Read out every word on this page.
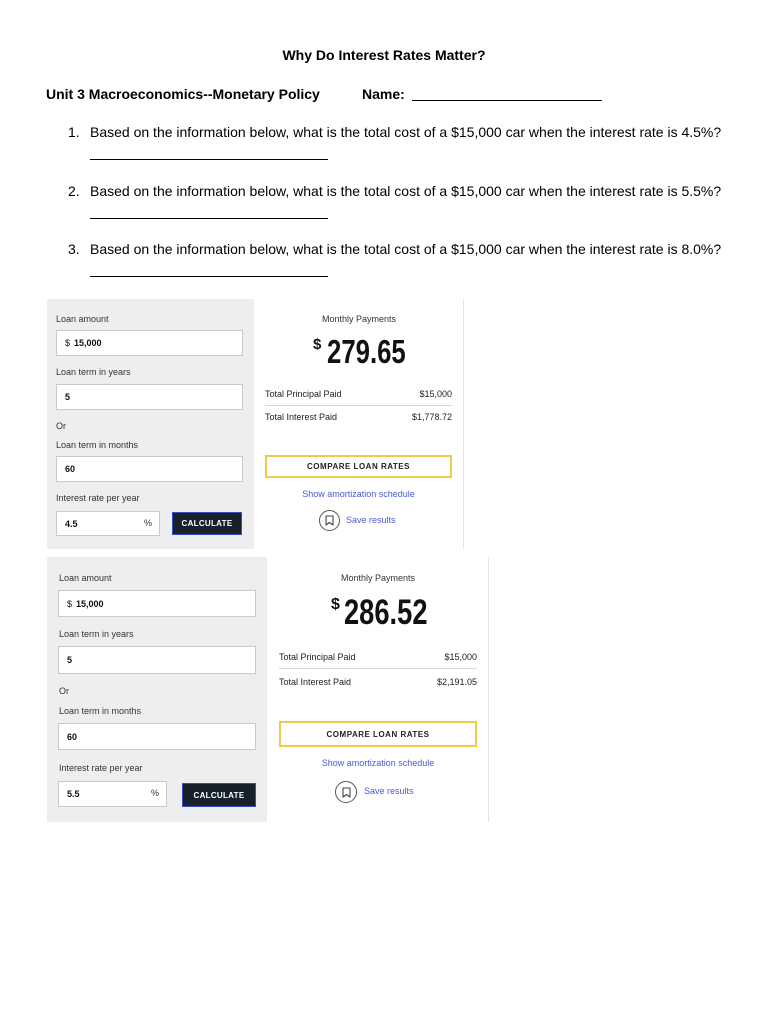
Why Do Interest Rates Matter?
Unit 3 Macroeconomics--Monetary Policy	Name:
1. Based on the information below, what is the total cost of a $15,000 car when the interest rate is 4.5%?
2. Based on the information below, what is the total cost of a $15,000 car when the interest rate is 5.5%?
3. Based on the information below, what is the total cost of a $15,000 car when the interest rate is 8.0%?
Loan amount
$ 15,000
Loan term in years
5
Or
Loan term in months
60
Interest rate per year
4.5	%	CALCULATE
Monthly Payments
$ 279.65
Total Principal Paid	$15,000
Total Interest Paid	$1,778.72
COMPARE LOAN RATES
Show amortization schedule
Save results
Loan amount
$ 15,000
Loan term in years
5
Or
Loan term in months
60
Interest rate per year
5.5	%	CALCULATE
Monthly Payments
$ 286.52
Total Principal Paid	$15,000
Total Interest Paid	$2,191.05
COMPARE LOAN RATES
Show amortization schedule
Save results
